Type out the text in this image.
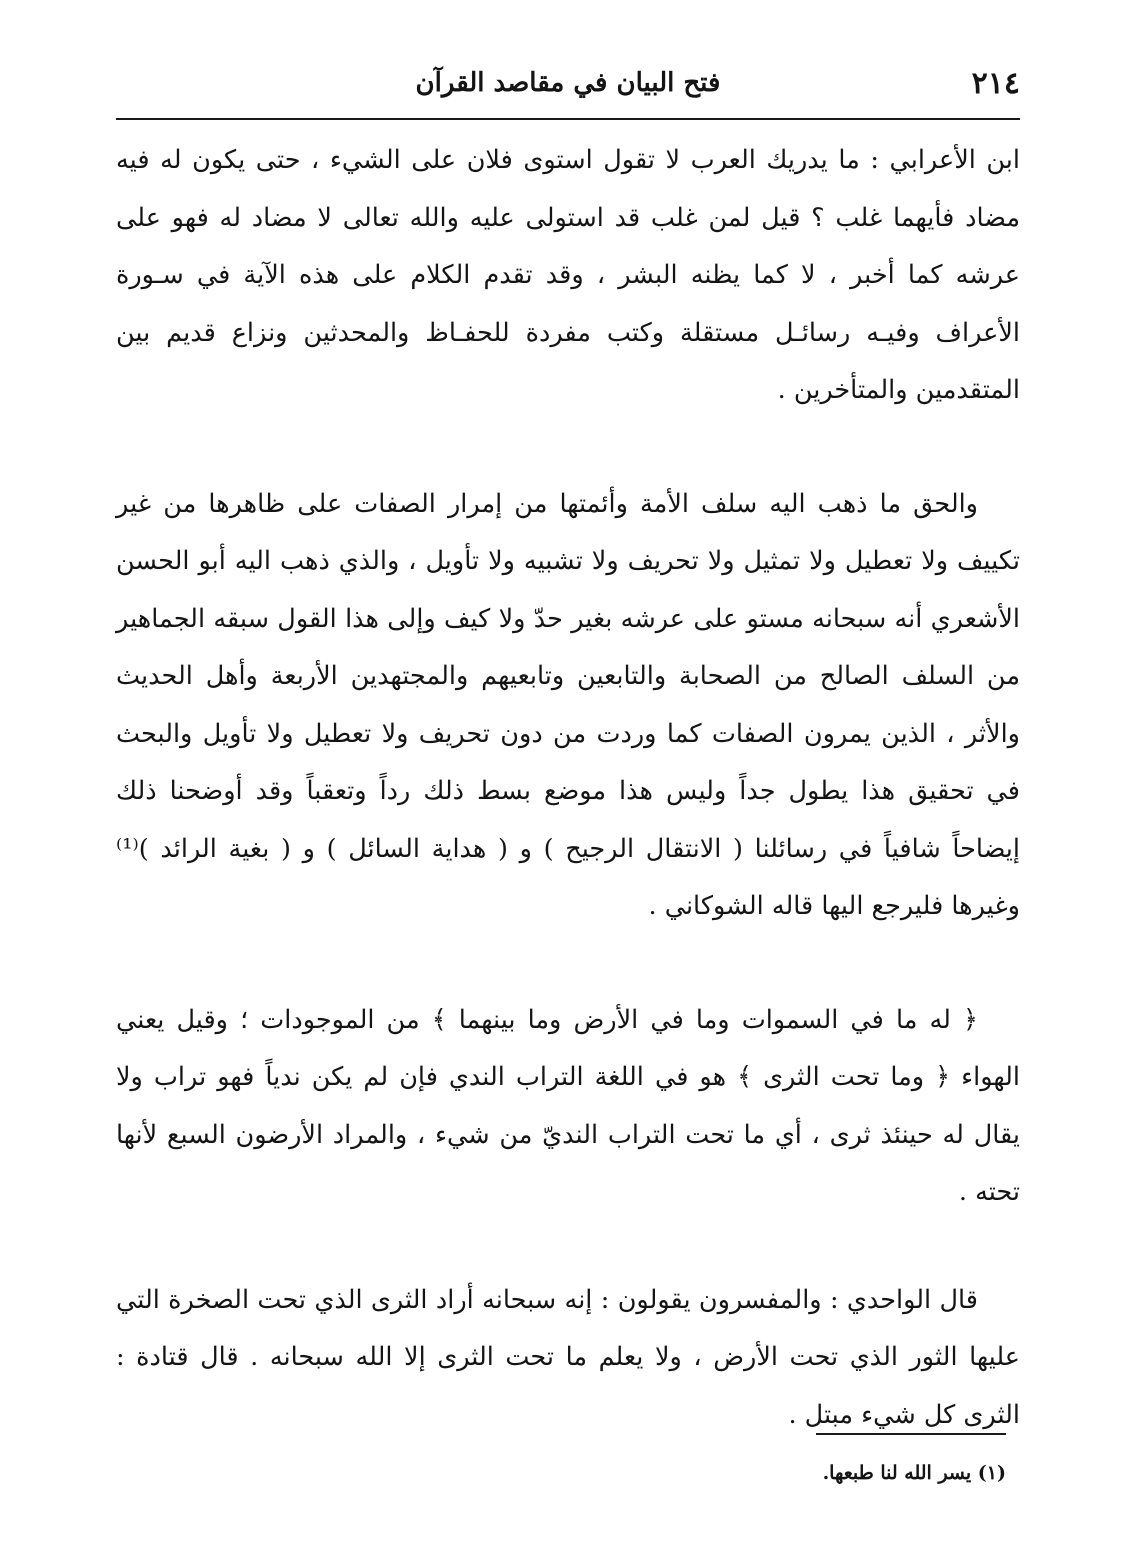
٢١٤
فتح البيان في مقاصد القرآن

ابن الأعرابي : ما يدريك العرب لا تقول استوى فلان على الشيء ، حتى يكون له فيه مضاد فأيهما غلب ؟ قيل لمن غلب قد استولى عليه والله تعالى لا مضاد له فهو على عرشه كما أخبر ، لا كما يظنه البشر ، وقد تقدم الكلام على هذه الآية في سـورة الأعراف وفيـه رسائـل مستقلة وكتب مفردة للحفـاظ والمحدثين ونزاع قديم بين المتقدمين والمتأخرين .

والحق ما ذهب اليه سلف الأمة وأئمتها من إمرار الصفات على ظاهرها من غير تكييف ولا تعطيل ولا تمثيل ولا تحريف ولا تشبيه ولا تأويل ، والذي ذهب اليه أبو الحسن الأشعري أنه سبحانه مستو على عرشه بغير حدّ ولا كيف وإلى هذا القول سبقه الجماهير من السلف الصالح من الصحابة والتابعين وتابعيهم والمجتهدين الأربعة وأهل الحديث والأثر ، الذين يمرون الصفات كما وردت من دون تحريف ولا تعطيل ولا تأويل والبحث في تحقيق هذا يطول جداً وليس هذا موضع بسط ذلك رداً وتعقباً وقد أوضحنا ذلك إيضاحاً شافياً في رسائلنا ( الانتقال الرجيح ) و ( هداية السائل ) و ( بغية الرائد )⁽¹⁾ وغيرها فليرجع اليها قاله الشوكاني .

﴿ له ما في السموات وما في الأرض وما بينهما ﴾ من الموجودات ؛ وقيل يعني الهواء ﴿ وما تحت الثرى ﴾ هو في اللغة التراب الندي فإن لم يكن ندياً فهو تراب ولا يقال له حينئذ ثرى ، أي ما تحت التراب النديّ من شيء ، والمراد الأرضون السبع لأنها تحته .

قال الواحدي : والمفسرون يقولون : إنه سبحانه أراد الثرى الذي تحت الصخرة التي عليها الثور الذي تحت الأرض ، ولا يعلم ما تحت الثرى إلا الله سبحانه . قال قتادة : الثرى كل شيء مبتل .

(١) يسر الله لنا طبعها.
